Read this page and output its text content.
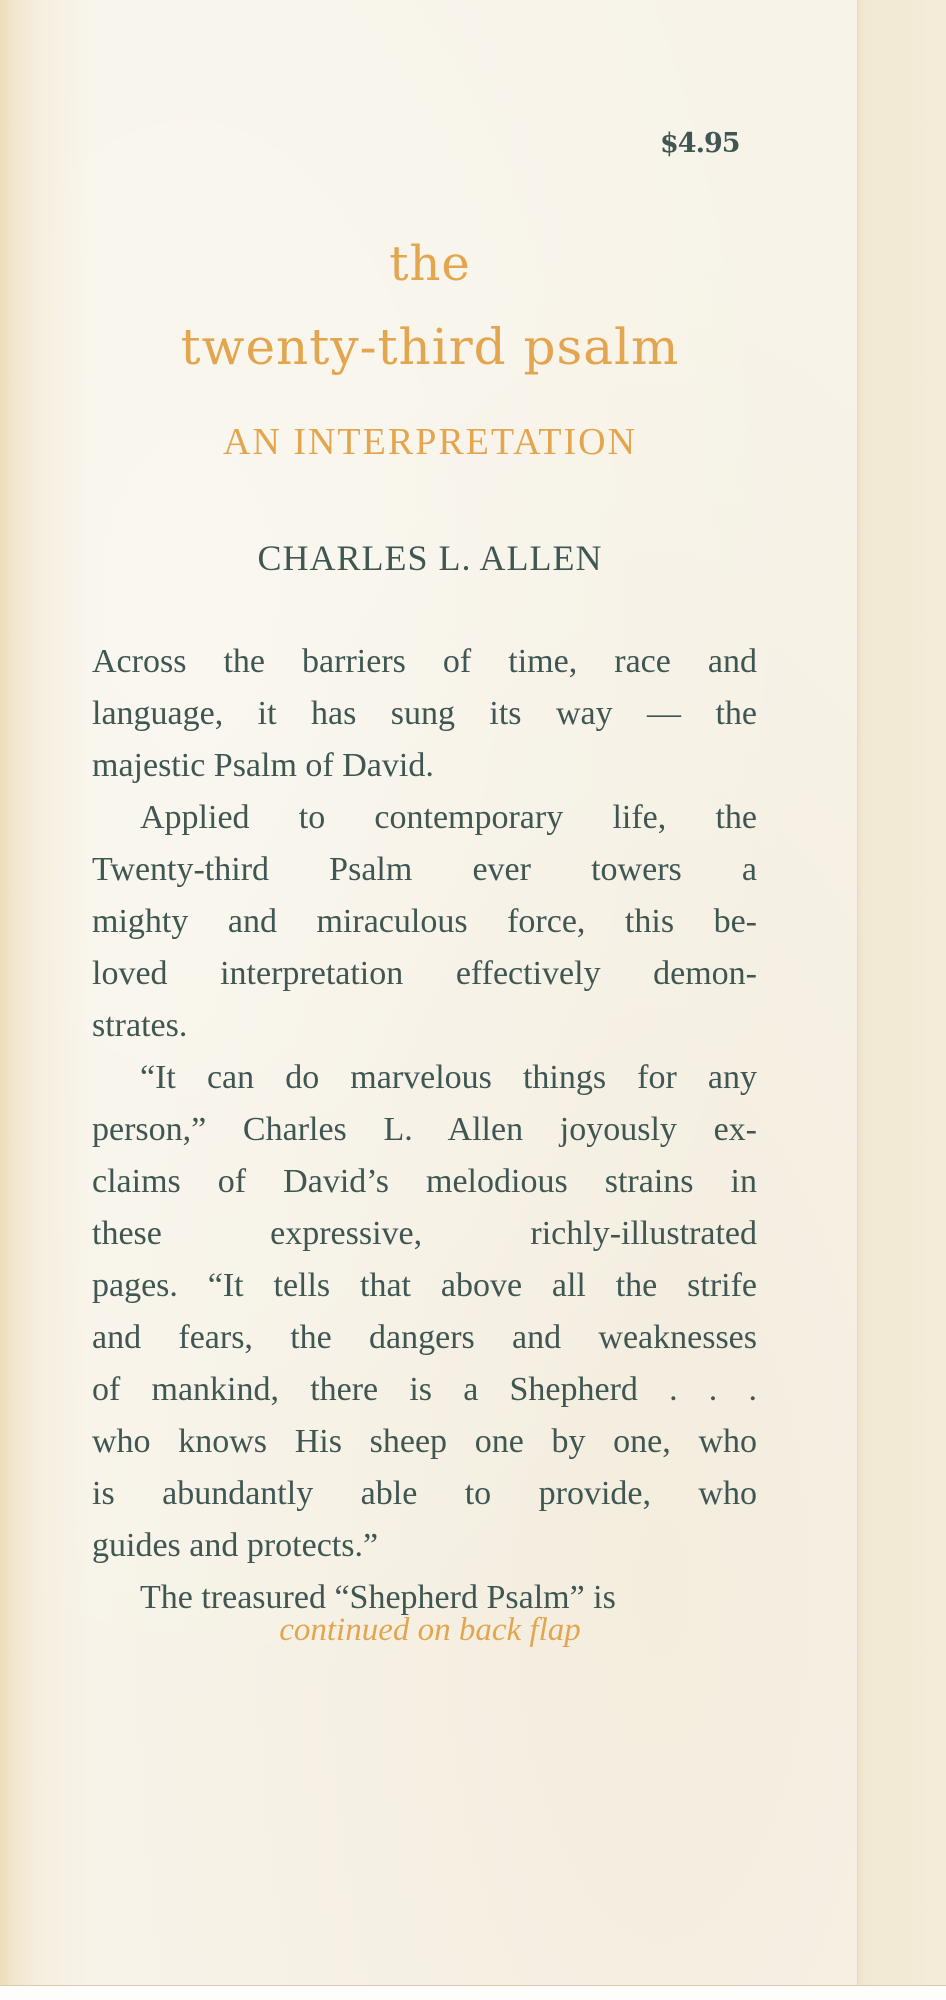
$4.95
the
twenty-third psalm
AN INTERPRETATION
CHARLES L. ALLEN
Across the barriers of time, race and
language, it has sung its way — the
majestic Psalm of David.
Applied to contemporary life, the
Twenty-third Psalm ever towers a
mighty and miraculous force, this be-
loved interpretation effectively demon-
strates.
“It can do marvelous things for any
person,” Charles L. Allen joyously ex-
claims of David’s melodious strains in
these expressive, richly-illustrated
pages. “It tells that above all the strife
and fears, the dangers and weaknesses
of mankind, there is a Shepherd . . .
who knows His sheep one by one, who
is abundantly able to provide, who
guides and protects.”
The treasured “Shepherd Psalm” is
continued on back flap
